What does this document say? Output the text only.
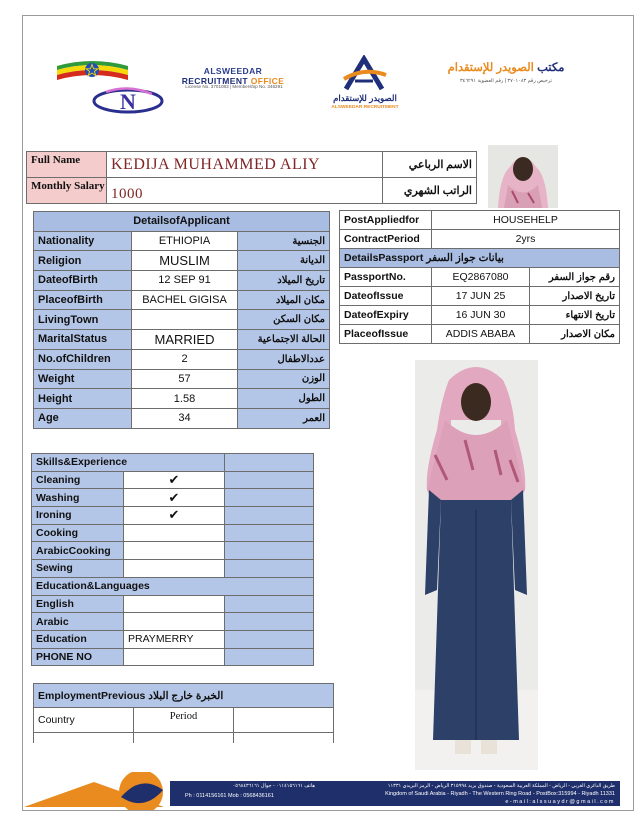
N
ALSWEEDAR
RECRUITMENT OFFICE
License No. 3701083 | Membership No. 346291
الصويدر للإستقدام
ALSWEEDAR RECRUITMENT
مكتب الصويدر للإستقدام
ترخيص رقم ٣٧٠١٠٨٣ | رقم العضوية ٣٤٦٢٩١
Full Name	KEDIJA MUHAMMED ALIY	الاسم الرباعي
Monthly Salary	1000	الراتب الشهري
DetailsofApplicant		
Nationality	ETHIOPIA	الجنسية
Religion	MUSLIM	الديانة
DateofBirth	12 SEP 91	تاريخ الميلاد
PlaceofBirth	BACHEL GIGISA	مكان الميلاد
LivingTown		مكان السكن
MaritalStatus	MARRIED	الحالة الاجتماعية
No.ofChildren	2	عددالاطفال
Weight	57	الوزن
Height	1.58	الطول
Age	34	العمر
PostAppliedfor	HOUSEHELP	
ContractPeriod	2yrs	
DetailsPassport بيانات جواز السفر		
PassportNo.	EQ2867080	رقم جواز السفر
DateofIssue	17 JUN 25	تاريخ الاصدار
DateofExpiry	16 JUN 30	تاريخ الانتهاء
PlaceofIssue	ADDIS ABABA	مكان الاصدار
Skills&Experience		
Cleaning	✔	
Washing	✔	
Ironing	✔	
Cooking		
ArabicCooking		
Sewing		
Education&Languages		
English		
Arabic		
Education	PRAYMERRY	
PHONE NO		
EmploymentPrevious الخبرة خارج البلاد		
Country	Period	

هاتف ٠١١٤١٥٦١٦١ - جوال ٠٥٦٨٤٣٦١٦١
Ph : 0114156161 Mob : 0568436161
طريق الدائري الغربي - الرياض - المملكة العربية السعودية - صندوق بريد ٣١٥٩٩٤ الرياض - الرمز البريدي ١١٣٣١
Kingdom of Saudi Arabia - Riyadh - The Western Ring Road - PostBox:315994 - Riyadh 11331
e-mail:alssuaydr@gmail.com
